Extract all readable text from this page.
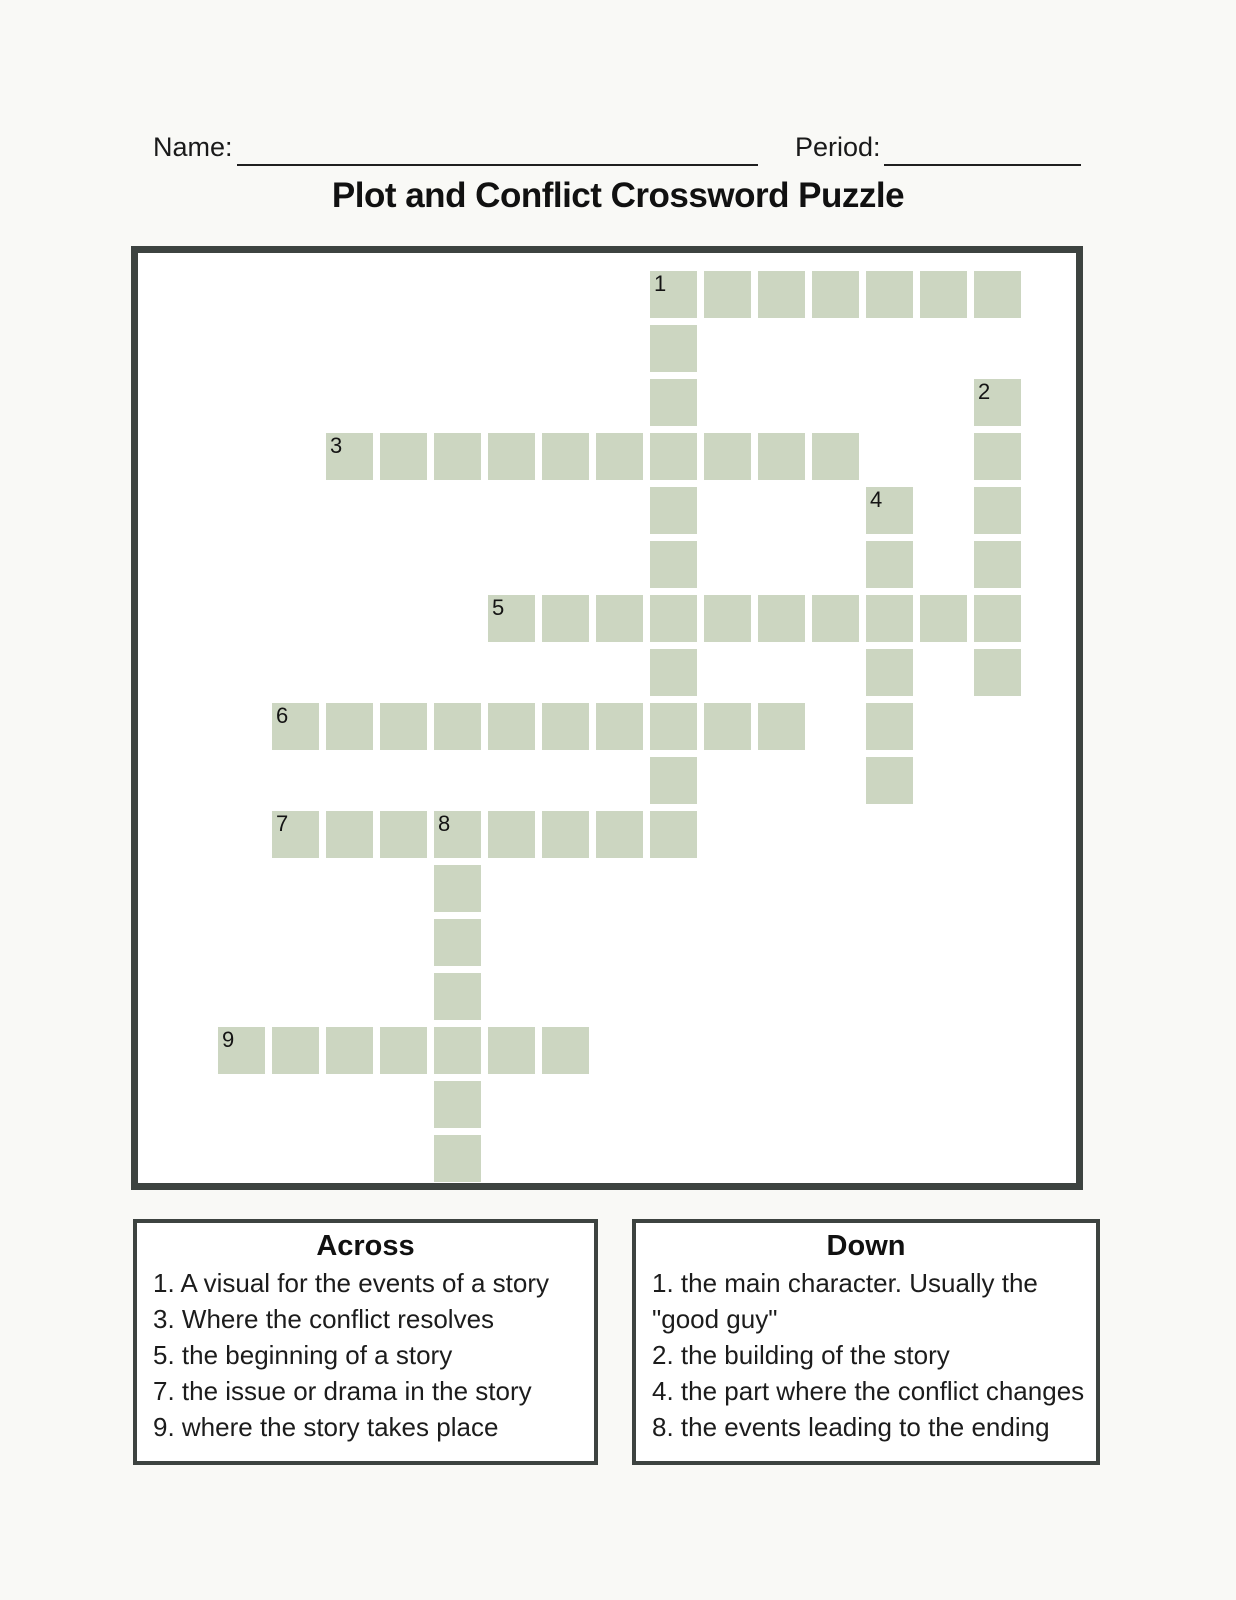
Name:	Period:
Plot and Conflict Crossword Puzzle
1
2
3
4
5
6
7	8
9
Across
1. A visual for the events of a story
3. Where the conflict resolves
5. the beginning of a story
7. the issue or drama in the story
9. where the story takes place
Down
1. the main character. Usually the "good guy"
2. the building of the story
4. the part where the conflict changes
8. the events leading to the ending
